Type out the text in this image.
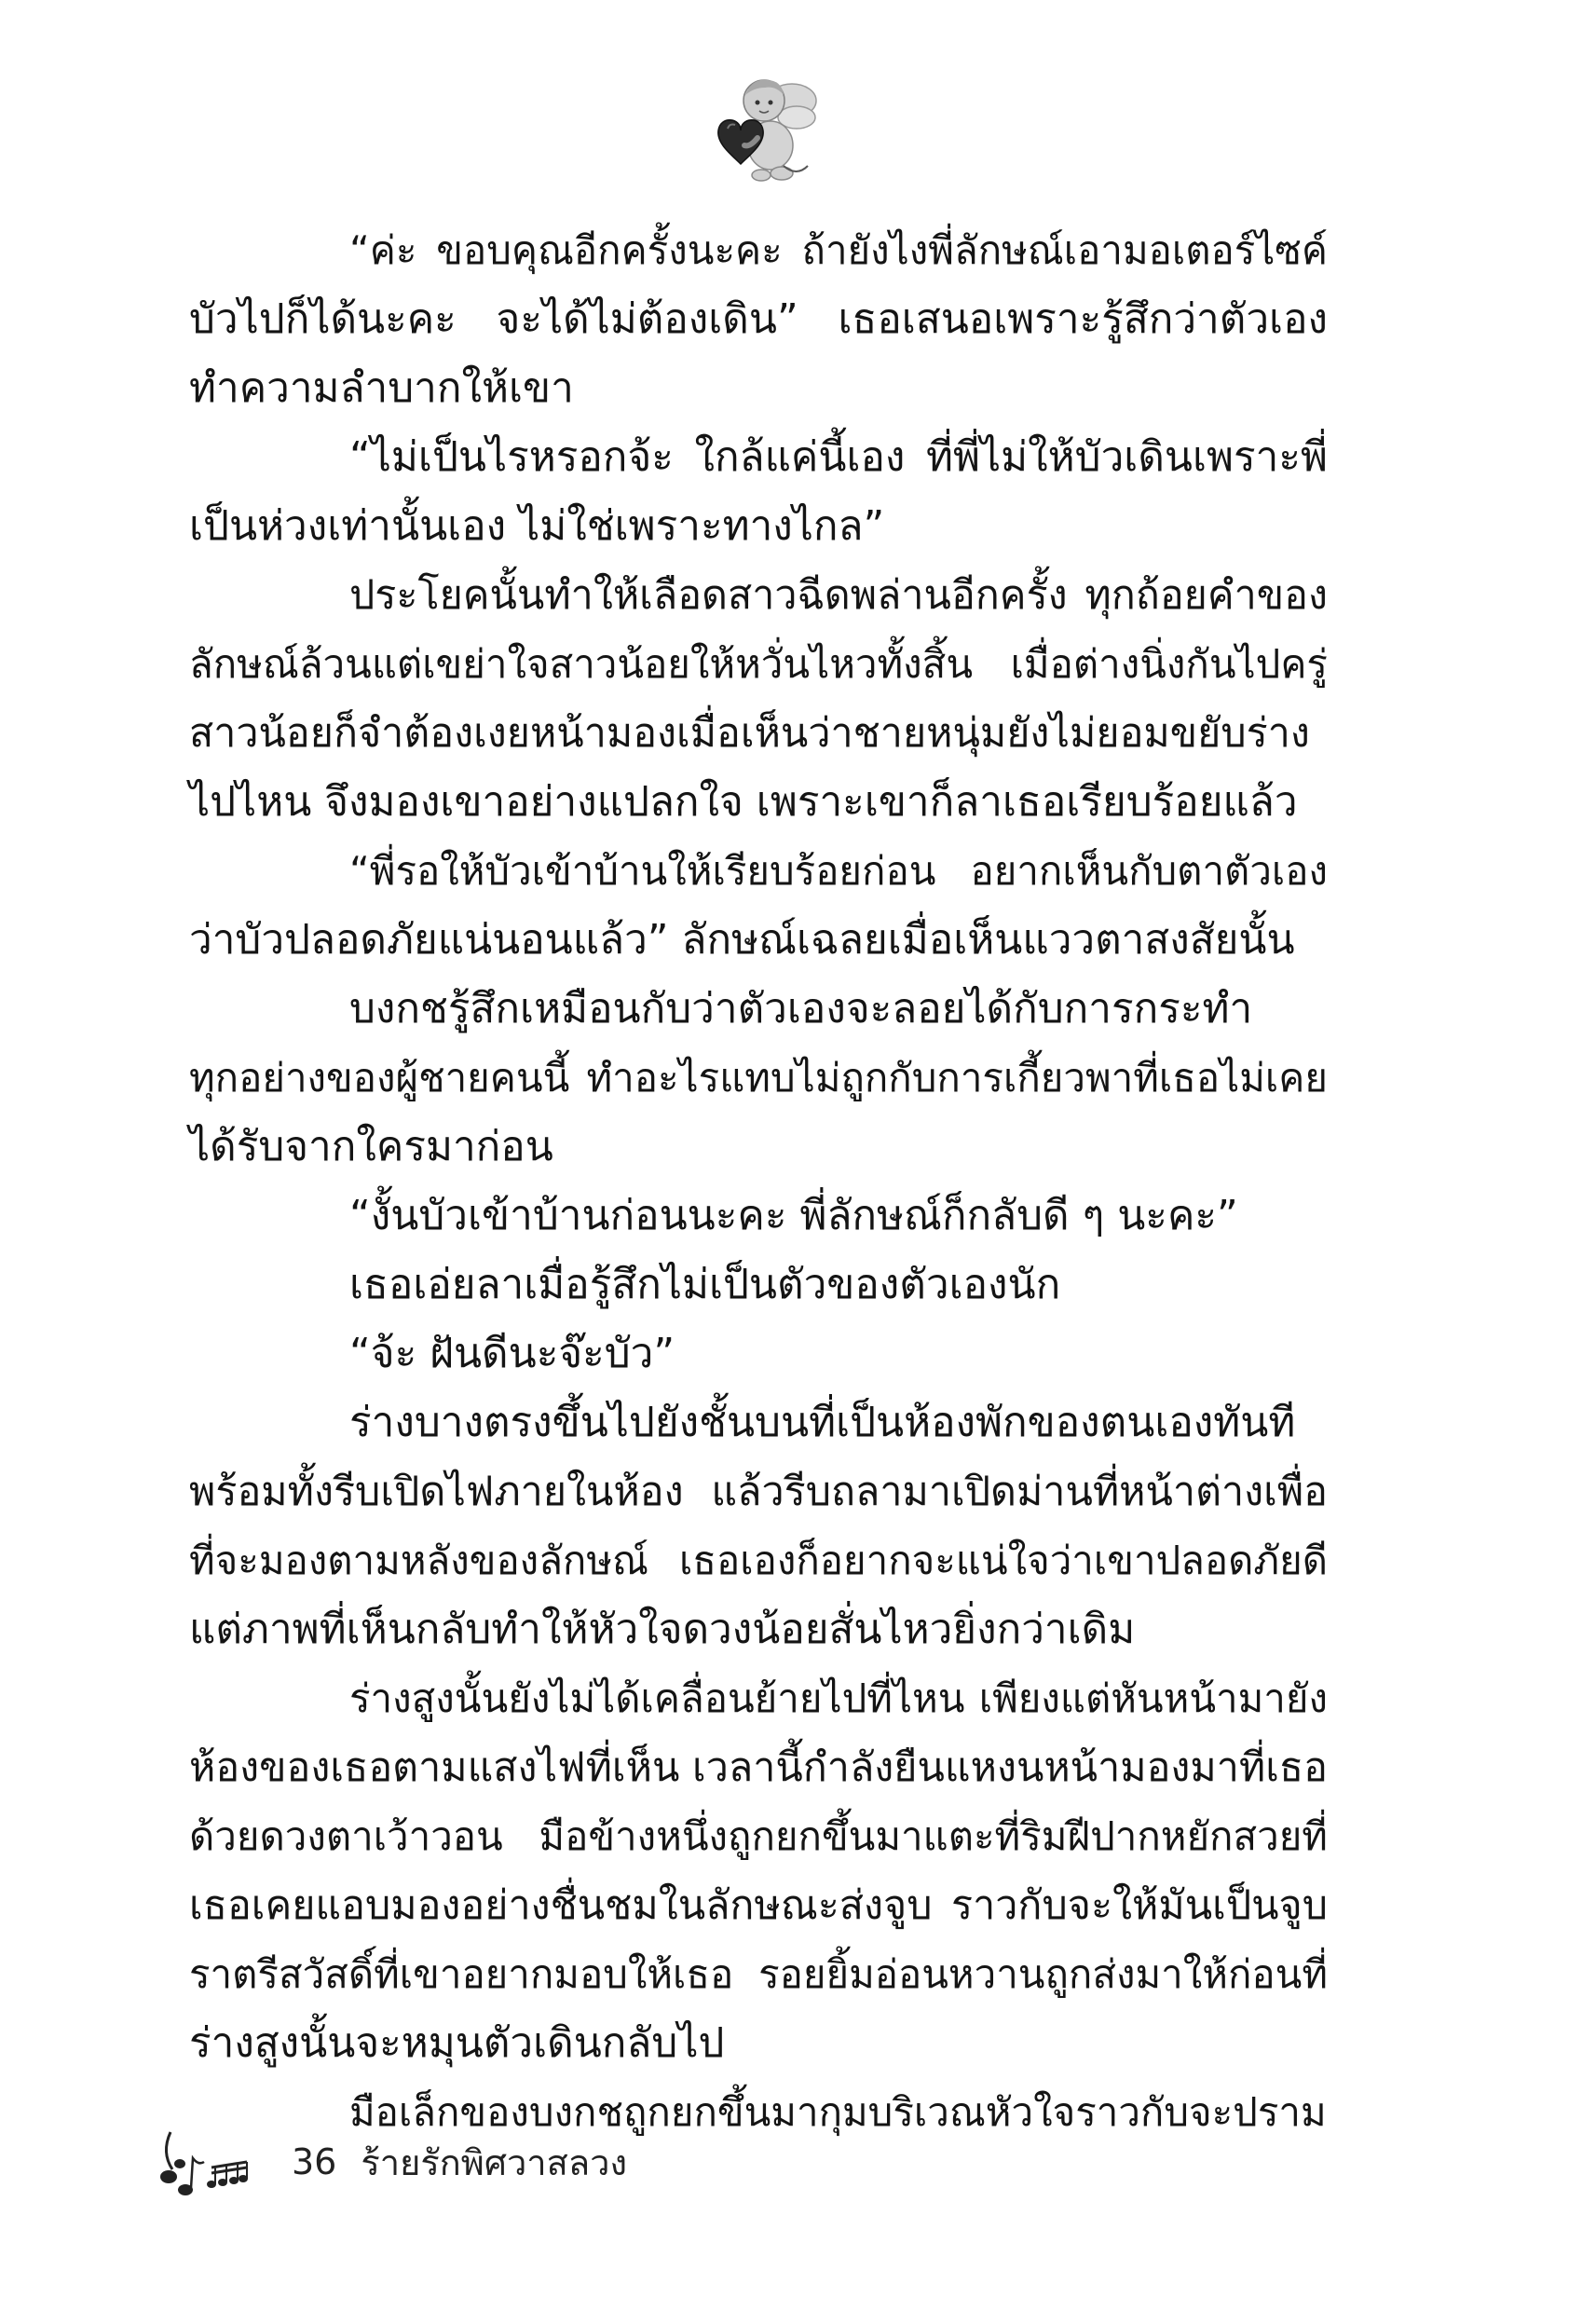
“ค่ะ ขอบคุณอีกครั้งนะคะ ถ้ายังไงพี่ลักษณ์เอามอเตอร์ไซค์
บัวไปก็ได้นะคะ จะได้ไม่ต้องเดิน” เธอเสนอเพราะรู้สึกว่าตัวเอง
ทำความลำบากให้เขา
“ไม่เป็นไรหรอกจ้ะ ใกล้แค่นี้เอง ที่พี่ไม่ให้บัวเดินเพราะพี่
เป็นห่วงเท่านั้นเอง ไม่ใช่เพราะทางไกล”
ประโยคนั้นทำให้เลือดสาวฉีดพล่านอีกครั้ง ทุกถ้อยคำของ
ลักษณ์ล้วนแต่เขย่าใจสาวน้อยให้หวั่นไหวทั้งสิ้น เมื่อต่างนิ่งกันไปครู่
สาวน้อยก็จำต้องเงยหน้ามองเมื่อเห็นว่าชายหนุ่มยังไม่ยอมขยับร่าง
ไปไหน จึงมองเขาอย่างแปลกใจ เพราะเขาก็ลาเธอเรียบร้อยแล้ว
“พี่รอให้บัวเข้าบ้านให้เรียบร้อยก่อน อยากเห็นกับตาตัวเอง
ว่าบัวปลอดภัยแน่นอนแล้ว” ลักษณ์เฉลยเมื่อเห็นแววตาสงสัยนั้น
บงกชรู้สึกเหมือนกับว่าตัวเองจะลอยได้กับการกระทำ
ทุกอย่างของผู้ชายคนนี้ ทำอะไรแทบไม่ถูกกับการเกี้ยวพาที่เธอไม่เคย
ได้รับจากใครมาก่อน
“งั้นบัวเข้าบ้านก่อนนะคะ พี่ลักษณ์ก็กลับดี ๆ นะคะ”
เธอเอ่ยลาเมื่อรู้สึกไม่เป็นตัวของตัวเองนัก
“จ้ะ ฝันดีนะจ๊ะบัว”
ร่างบางตรงขึ้นไปยังชั้นบนที่เป็นห้องพักของตนเองทันที
พร้อมทั้งรีบเปิดไฟภายในห้อง แล้วรีบถลามาเปิดม่านที่หน้าต่างเพื่อ
ที่จะมองตามหลังของลักษณ์ เธอเองก็อยากจะแน่ใจว่าเขาปลอดภัยดี
แต่ภาพที่เห็นกลับทำให้หัวใจดวงน้อยสั่นไหวยิ่งกว่าเดิม
ร่างสูงนั้นยังไม่ได้เคลื่อนย้ายไปที่ไหน เพียงแต่หันหน้ามายัง
ห้องของเธอตามแสงไฟที่เห็น เวลานี้กำลังยืนแหงนหน้ามองมาที่เธอ
ด้วยดวงตาเว้าวอน มือข้างหนึ่งถูกยกขึ้นมาแตะที่ริมฝีปากหยักสวยที่
เธอเคยแอบมองอย่างชื่นชมในลักษณะส่งจูบ ราวกับจะให้มันเป็นจูบ
ราตรีสวัสดิ์ที่เขาอยากมอบให้เธอ รอยยิ้มอ่อนหวานถูกส่งมาให้ก่อนที่
ร่างสูงนั้นจะหมุนตัวเดินกลับไป
มือเล็กของบงกชถูกยกขึ้นมากุมบริเวณหัวใจราวกับจะปราม
36 ร้ายรักพิศวาสลวง
